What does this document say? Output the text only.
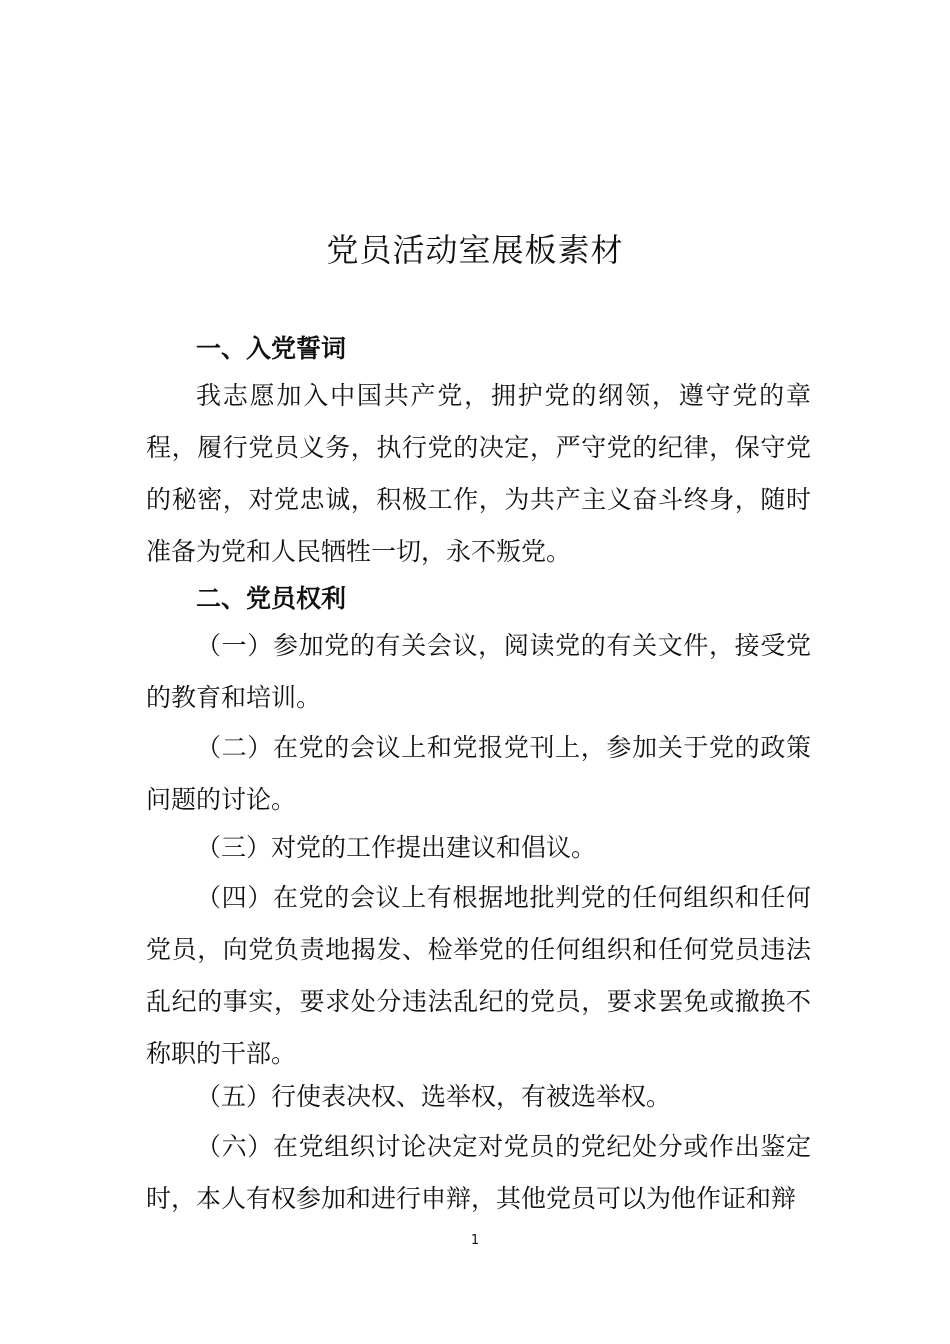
党员活动室展板素材
一、入党誓词

我志愿加入中国共产党，拥护党的纲领，遵守党的章程，履行党员义务，执行党的决定，严守党的纪律，保守党的秘密，对党忠诚，积极工作，为共产主义奋斗终身，随时准备为党和人民牺牲一切，永不叛党。

二、党员权利

（一）参加党的有关会议，阅读党的有关文件，接受党的教育和培训。

（二）在党的会议上和党报党刊上，参加关于党的政策问题的讨论。

（三）对党的工作提出建议和倡议。

（四）在党的会议上有根据地批判党的任何组织和任何党员，向党负责地揭发、检举党的任何组织和任何党员违法乱纪的事实，要求处分违法乱纪的党员，要求罢免或撤换不称职的干部。

（五）行使表决权、选举权，有被选举权。

（六）在党组织讨论决定对党员的党纪处分或作出鉴定时，本人有权参加和进行申辩，其他党员可以为他作证和辩

1
